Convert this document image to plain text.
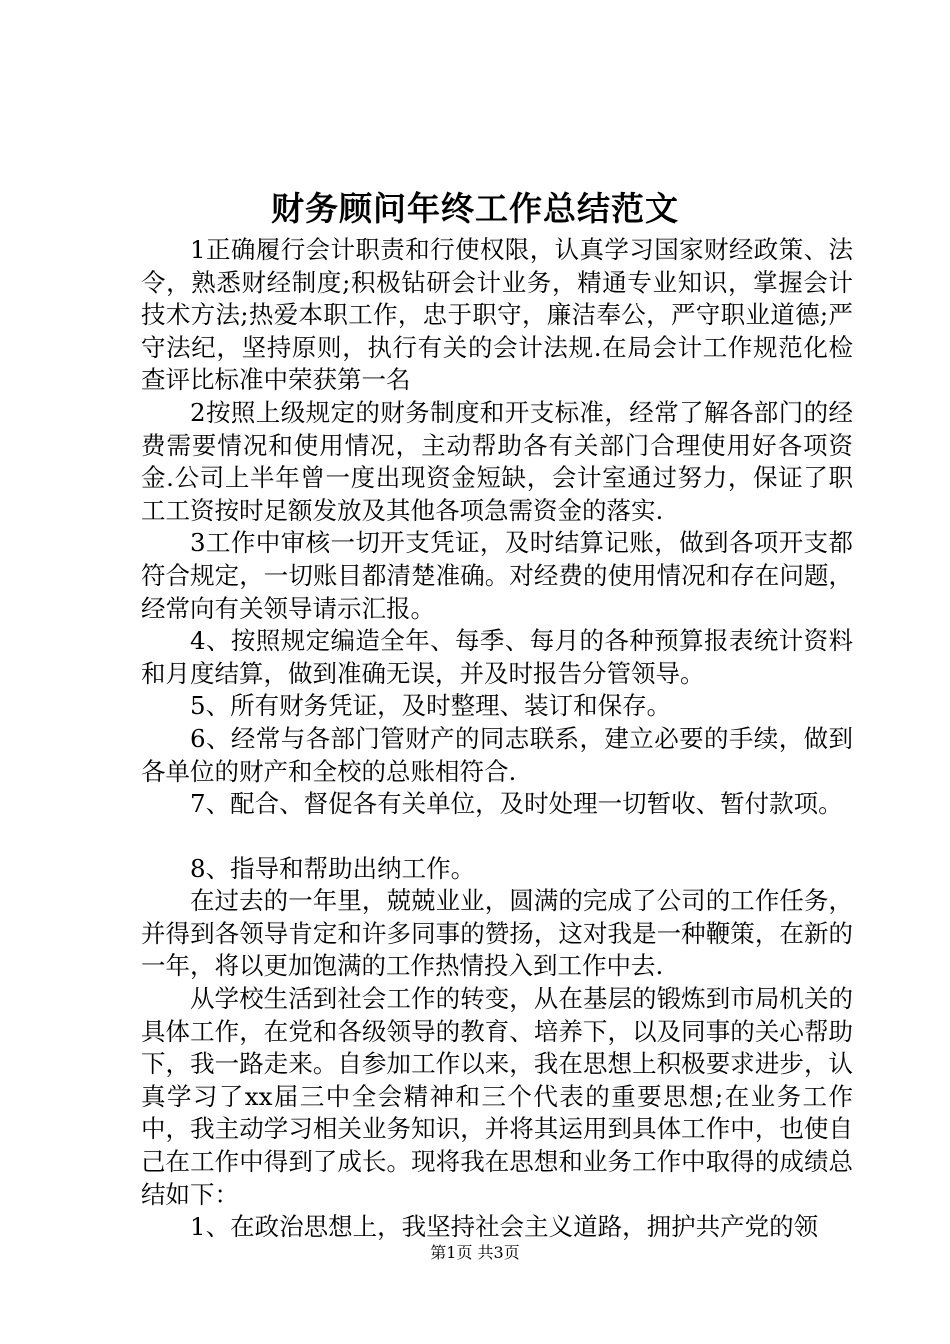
财务顾问年终工作总结范文

1正确履行会计职责和行使权限，认真学习国家财经政策、法令，熟悉财经制度;积极钻研会计业务，精通专业知识，掌握会计技术方法;热爱本职工作，忠于职守，廉洁奉公，严守职业道德;严守法纪，坚持原则，执行有关的会计法规.在局会计工作规范化检查评比标准中荣获第一名

2按照上级规定的财务制度和开支标准，经常了解各部门的经费需要情况和使用情况，主动帮助各有关部门合理使用好各项资金.公司上半年曾一度出现资金短缺，会计室通过努力，保证了职工工资按时足额发放及其他各项急需资金的落实.

3工作中审核一切开支凭证，及时结算记账，做到各项开支都符合规定，一切账目都清楚准确。对经费的使用情况和存在问题，经常向有关领导请示汇报。

4、按照规定编造全年、每季、每月的各种预算报表统计资料和月度结算，做到准确无误，并及时报告分管领导。

5、所有财务凭证，及时整理、装订和保存。

6、经常与各部门管财产的同志联系，建立必要的手续，做到各单位的财产和全校的总账相符合.

7、配合、督促各有关单位，及时处理一切暂收、暂付款项。

8、指导和帮助出纳工作。

在过去的一年里，兢兢业业，圆满的完成了公司的工作任务，并得到各领导肯定和许多同事的赞扬，这对我是一种鞭策，在新的一年，将以更加饱满的工作热情投入到工作中去.

从学校生活到社会工作的转变，从在基层的锻炼到市局机关的具体工作，在党和各级领导的教育、培养下，以及同事的关心帮助下，我一路走来。自参加工作以来，我在思想上积极要求进步，认真学习了xx届三中全会精神和三个代表的重要思想;在业务工作中，我主动学习相关业务知识，并将其运用到具体工作中，也使自己在工作中得到了成长。现将我在思想和业务工作中取得的成绩总结如下：

1、在政治思想上，我坚持社会主义道路，拥护共产党的领

第1页 共3页
